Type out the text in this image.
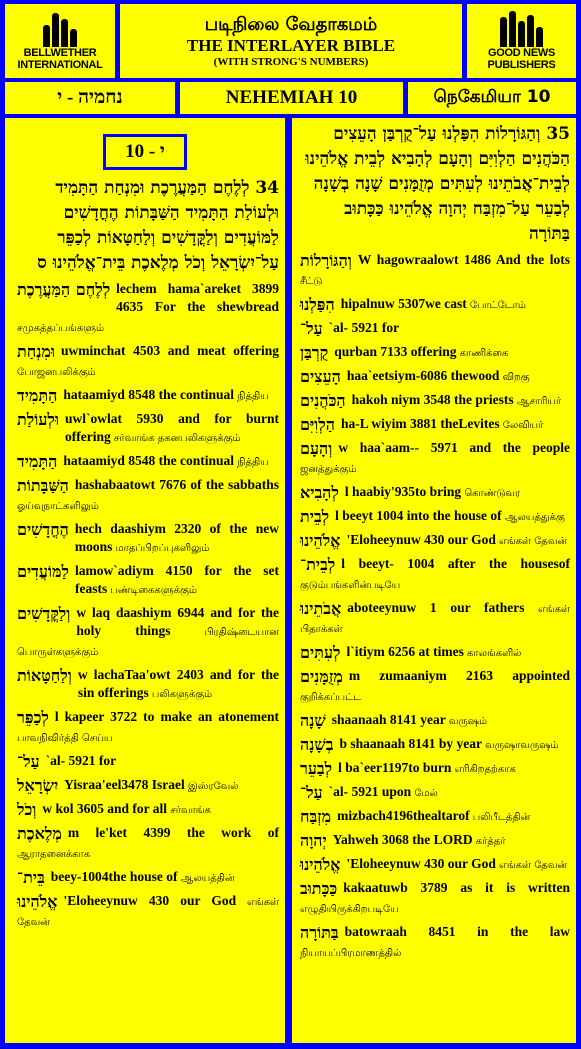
BELLWETHER
INTERNATIONAL
படிநிலை வேதாகமம்
THE INTERLAYER BIBLE
(WITH STRONG'S NUMBERS)
GOOD NEWS
PUBLISHERS
נחמיה - י	NEHEMIAH 10	நெகேமியா 10
10 - י
34 לְלֶחֶם הַמַּעֲרֶכֶת וּמִנְחַת הַתָּמִיד וּלְעוֹלַת הַתָּמִיד הַשַּׁבָּתוֹת הֶחֳדָשִׁים לַמּוֹעֲדִים וְלַקֳּדָשִׁים וְלַחַטָּאוֹת לְכַפֵּר עַל־יִשְׂרָאֵל וְכֹל מְלֶאכֶת בֵּית־אֱלֹהֵינוּ ס
לְלֶחֶם הַמַּעֲרֶכֶת lechem hama`areket 3899 4635 For the shewbread சமுகத்தப்பங்களும்
וּמִנְחַת uwminchat 4503 and meat offering போஜனபலிக்கும்
הַתָּמִיד hataamiyd 8548 the continual நித்திய
וּלְעוֹלַת uwl`owlat 5930 and for burnt offering சர்வாங்க தகனபலிகளுக்கும்
הַתָּמִיד hataamiyd 8548 the continual நித்திய
הַשַּׁבָּתוֹת hashabaatowt 7676 of the sabbaths ஓய்வுநாட்களிலும்
הֶחֳדָשִׁים hech daashiym 2320 of the new moons மாதப்பிறப்புகளிலும்
לַמּוֹעֲדִים lamow`adiym 4150 for the set feasts பண்டிகைகளுக்கும்
וְלַקֳּדָשִׁים w laq daashiym 6944 and for the holy things பிரதிஷ்டையான பொருள்களுக்கும்
וְלַחַטָּאוֹת w lachaTaa'owt 2403 and for the sin offerings பலிகளுக்கும்
לְכַפֵּר l kapeer 3722 to make an atonement பாவநிவிர்த்தி செய்ய
עַל־ `al- 5921 for
יִשְׂרָאֵל Yisraa'eel3478 Israel இஸ்ரவேல்
וְכֹל w kol 3605 and for all சர்வாங்க
מְלֶאכֶת m le'ket 4399 the work of ஆராதனைக்காக
בֵּית־ beey-1004the house of ஆலயத்தின்
אֱלֹהֵינוּ 'Eloheeynuw 430 our God எங்கள் தேவன்
35 וְהַגּוֹרָלוֹת הִפַּלְנוּ עַל־קֻרְבַּן הָעֵצִים הַכֹּהֲנִים הַלְוִיִּם וְהָעָם לְהָבִיא לְבֵית אֱלֹהֵינוּ לְבֵית־אֲבֹתֵינוּ לְעִתִּים מְזֻמָּנִים שָׁנָה בְשָׁנָה לְבַעֵר עַל־מִזְבַּח יְהוָה אֱלֹהֵינוּ כַּכָּתוּב בַּתּוֹרָה
וְהַגּוֹרָלוֹת W hagowraalowt 1486 And the lots சீட்டு
הִפַּלְנוּ hipalnuw 5307we cast போட்டோம்
עַל־ `al- 5921 for
קֻרְבַּן qurban 7133 offering காணிக்கை
הָעֵצִים haa`eetsiym-6086 thewood விறகு
הַכֹּהֲנִים hakoh niym 3548 the priests ஆசாரியர்
הַלְוִיִּם ha-L wiyim 3881 theLevites லேவியர்
וְהָעָם w haa`aam-- 5971 and the people ஜனத்துக்கும்
לְהָבִיא l haabiy'935to bring கொண்டுவர
לְבֵית l beeyt 1004 into the house of ஆலயத்துக்கு
אֱלֹהֵינוּ 'Eloheeynuw 430 our God எங்கள் தேவன்
לְבֵית־ l beeyt- 1004 after the housesof குடும்பங்களின்படியே
אֲבֹתֵינוּ aboteeynuw 1 our fathers எங்கள் பிதாக்கள்
לְעִתִּים l`itiym 6256 at times காலங்களில்
מְזֻמָּנִים m zumaaniym 2163 appointed குறிக்கப்பட்ட
שָׁנָה shaanaah 8141 year வருஷம்
בְשָׁנָה b shaanaah 8141 by year வருஷாவருஷம்
לְבַעֵר l ba`eer1197to burn எரிகிறதற்காக
עַל־ `al- 5921 upon மேல்
מִזְבַּח mizbach4196thealtarof பலிபீடத்தின்
יְהוָה Yahweh 3068 the LORD கர்த்தர்
אֱלֹהֵינוּ 'Eloheeynuw 430 our God எங்கள் தேவன்
כַּכָּתוּב kakaatuwb 3789 as it is written எழுதியிருக்கிறபடியே
בַּתּוֹרָה batowraah 8451 in the law நியாயப்பிரமாணத்தில்
